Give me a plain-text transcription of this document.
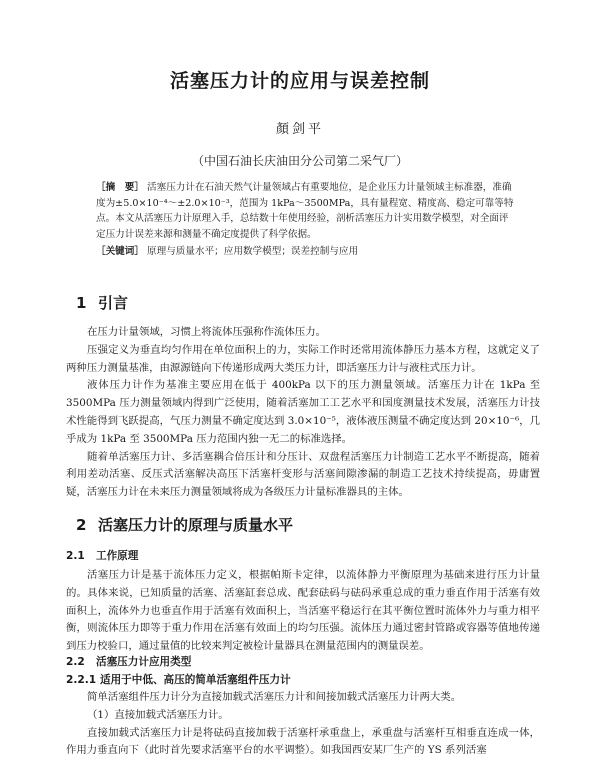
活塞压力计的应用与误差控制
顏剑平
（中国石油长庆油田分公司第二采气厂）

［摘　要］ 活塞压力计在石油天然气计量领域占有重要地位，是企业压力计量领域主标准器，准确度为±5.0×10⁻⁴～±2.0×10⁻³，范围为 1kPa～3500MPa，具有量程宽、精度高、稳定可靠等特点。本文从活塞压力计原理入手，总结数十年使用经验，剖析活塞压力计实用数学模型，对全面评定压力计误差来源和测量不确定度提供了科学依据。

［关键词］ 原理与质量水平；应用数学模型；误差控制与应用

1 引言

在压力计量领域，习惯上将流体压强称作流体压力。

压强定义为垂直均匀作用在单位面积上的力，实际工作时还常用流体静压力基本方程，这就定义了两种压力测量基准，由源源链向下传递形成两大类压力计，即活塞压力计与液柱式压力计。

液体压力计作为基准主要应用在低于 400kPa 以下的压力测量领域。活塞压力计在 1kPa 至 3500MPa 压力测量领域内得到广泛使用，随着活塞加工工艺水平和国度测量技术发展，活塞压力计技术性能得到飞跃提高，气压力测量不确定度达到 3.0×10⁻⁵，液体液压测量不确定度达到 20×10⁻⁶，几乎成为 1kPa 至 3500MPa 压力范围内独一无二的标准选择。

随着单活塞压力计、多活塞耦合倍压计和分压计、双盘程活塞压力计制造工艺水平不断提高，随着利用差动活塞、反压式活塞解决高压下活塞杆变形与活塞间隙渗漏的制造工艺技术持续提高，毋庸置疑，活塞压力计在未来压力测量领域将成为各级压力计量标准器具的主体。

2 活塞压力计的原理与质量水平
2.1 工作原理

活塞压力计是基于流体压力定义，根据帕斯卡定律，以流体静力平衡原理为基础来进行压力计量的。具体来说，已知质量的活塞、活塞缸套总成、配套砝码与砝码承重总成的重力垂直作用于活塞有效面积上，流体外力也垂直作用于活塞有效面积上，当活塞平稳运行在其平衡位置时流体外力与重力相平衡，则流体压力即等于重力作用在活塞有效面上的均匀压强。流体压力通过密封管路或容器等值地传递到压力校验口，通过量值的比较来判定被检计量器具在测量范围内的测量误差。

2.2 活塞压力计应用类型
2.2.1 适用于中低、高压的简单活塞组件压力计

简单活塞组件压力计分为直接加载式活塞压力计和间接加载式活塞压力计两大类。

（1）直接加载式活塞压力计。

直接加载式活塞压力计是将砝码直接加载于活塞杆承重盘上，承重盘与活塞杆互相垂直连成一体，作用力垂直向下（此时首先要求活塞平台的水平调整）。如我国西安某厂生产的 YS 系列活塞
